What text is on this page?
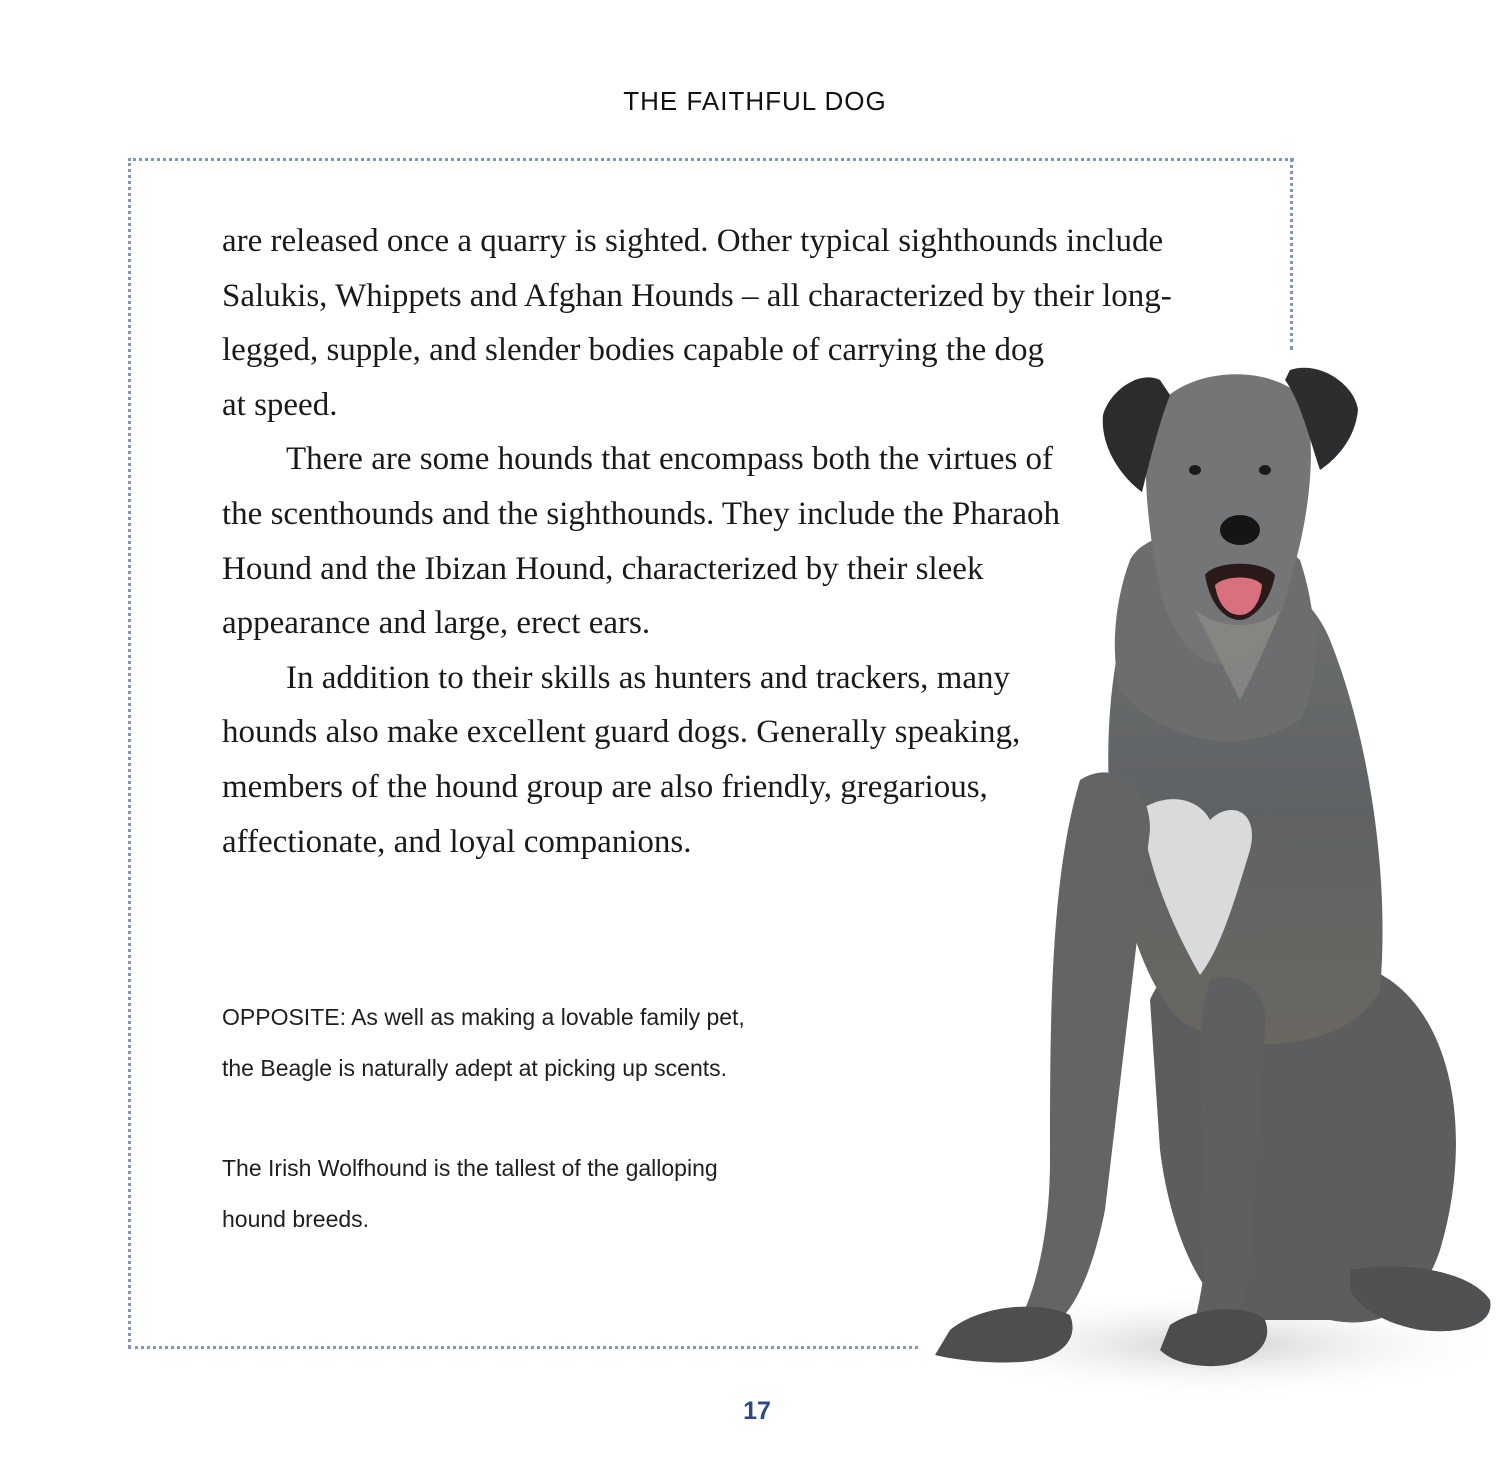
THE FAITHFUL DOG
are released once a quarry is sighted. Other typical sighthounds include
Salukis, Whippets and Afghan Hounds – all characterized by their long-
legged, supple, and slender bodies capable of carrying the dog
at speed.
There are some hounds that encompass both the virtues of
the scenthounds and the sighthounds. They include the Pharaoh
Hound and the Ibizan Hound, characterized by their sleek
appearance and large, erect ears.
In addition to their skills as hunters and trackers, many
hounds also make excellent guard dogs. Generally speaking,
members of the hound group are also friendly, gregarious,
affectionate, and loyal companions.
OPPOSITE: As well as making a lovable family pet,
the Beagle is naturally adept at picking up scents.
The Irish Wolfhound is the tallest of the galloping
hound breeds.
17
